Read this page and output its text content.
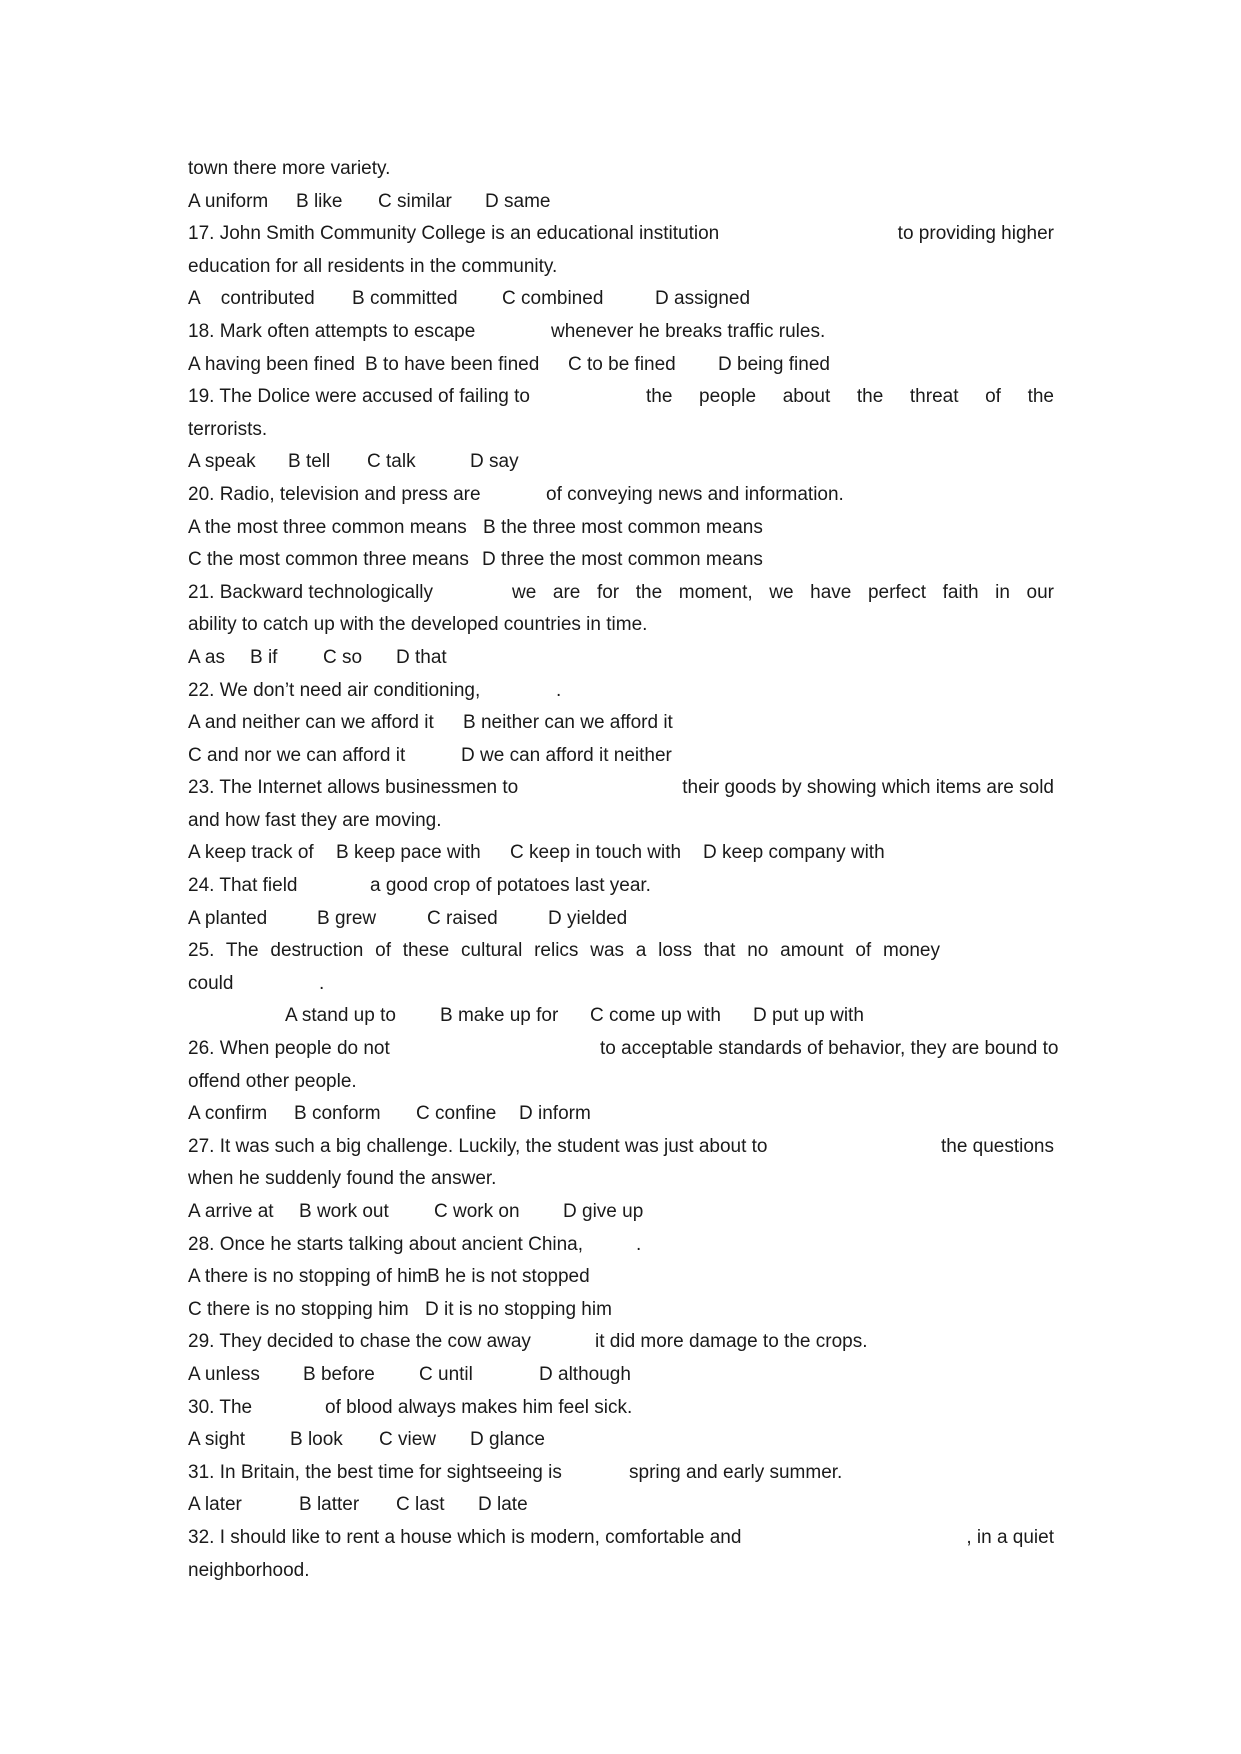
town there more variety.
A uniform B like C similar D same
17. John Smith Community College is an educational institution	to providing higher
education for all residents in the community.
A    contributed B committed C combined	D assigned
18. Mark often attempts to escape	whenever he breaks traffic rules.
A having been fined B to have been fined C to be fined D being fined
19. The Dolice were accused of failing to	the people about the threat of the
terrorists.
A speak B tell C talk	D say
20. Radio, television and press are	of conveying news and information.
A the most three common means B the three most common means
C the most common three means D three the most common means
21. Backward technologically	we are for the moment, we have perfect faith in our
ability to catch up with the developed countries in time.
A as B if C so D that
22. We don’t need air conditioning,	.
A and neither can we afford it B neither can we afford it
C and nor we can afford it	D we can afford it neither
23. The Internet allows businessmen to	their goods by showing which items are sold
and how fast they are moving.
A keep track of B keep pace with C keep in touch with D keep company with
24. That field	a good crop of potatoes last year.
A planted	B grew	C raised	D yielded
25. The destruction of these cultural relics was a loss that no amount of money
could	.
A stand up to B make up for C come up with D put up with
26. When people do not	to acceptable standards of behavior, they are bound to
offend other people.
A confirm B conform C confine D inform
27. It was such a big challenge. Luckily, the student was just about to	the questions
when he suddenly found the answer.
A arrive at B work out C work on D give up
28. Once he starts talking about ancient China,	.
A there is no stopping of him B he is not stopped
C there is no stopping him D it is no stopping him
29. They decided to chase the cow away	it did more damage to the crops.
A unless B before C until	D although
30. The	of blood always makes him feel sick.
A sight B look C view D glance
31. In Britain, the best time for sightseeing is	spring and early summer.
A later	B latter C last D late
32. I should like to rent a house which is modern, comfortable and	, in a quiet
neighborhood.
